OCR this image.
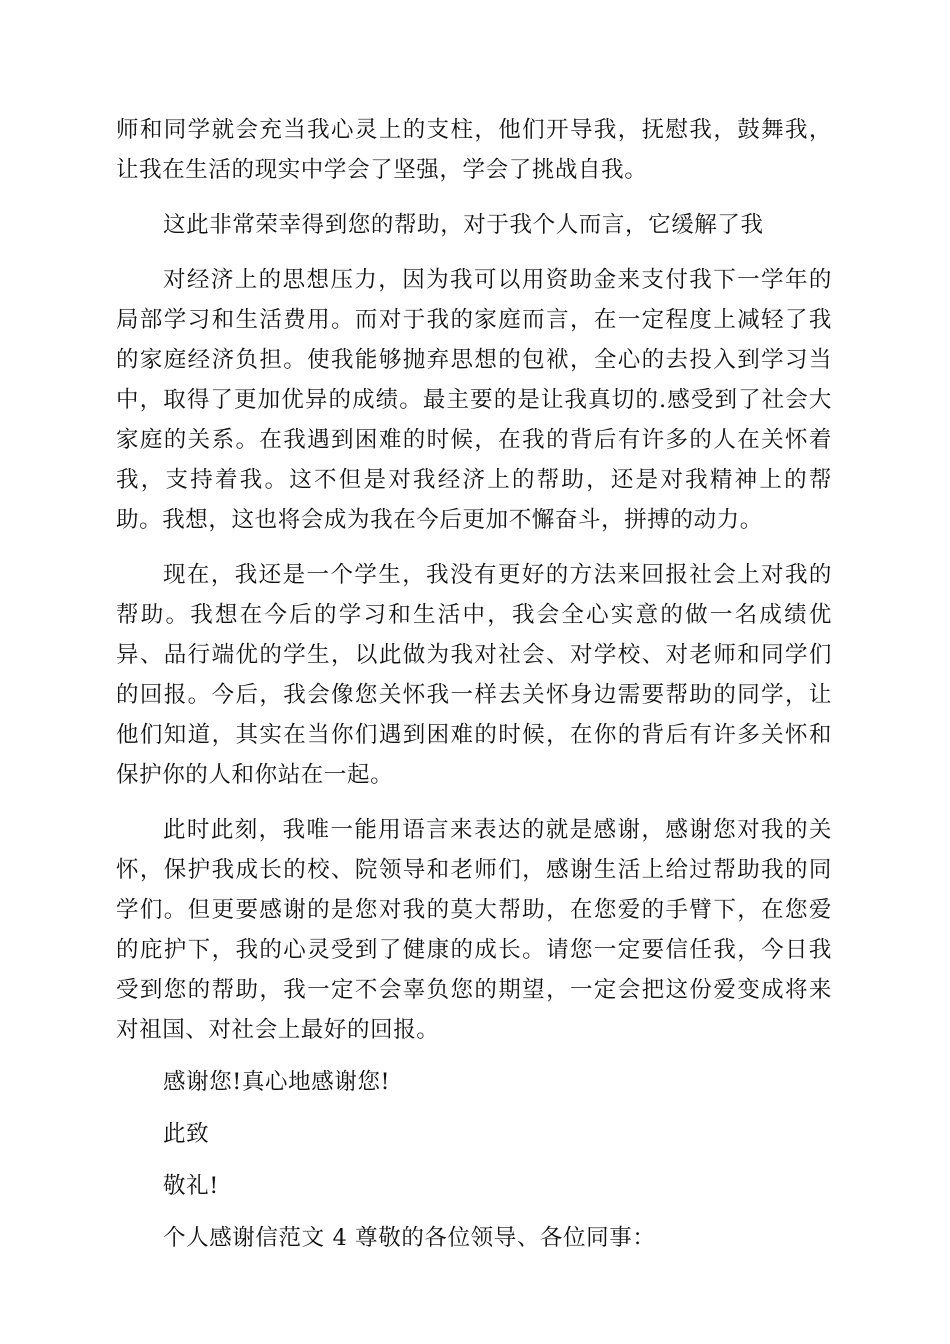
师和同学就会充当我心灵上的支柱，他们开导我，抚慰我，鼓舞我，让我在生活的现实中学会了坚强，学会了挑战自我。

这此非常荣幸得到您的帮助，对于我个人而言，它缓解了我

对经济上的思想压力，因为我可以用资助金来支付我下一学年的局部学习和生活费用。而对于我的家庭而言，在一定程度上减轻了我的家庭经济负担。使我能够抛弃思想的包袱，全心的去投入到学习当中，取得了更加优异的成绩。最主要的是让我真切的.感受到了社会大家庭的关系。在我遇到困难的时候，在我的背后有许多的人在关怀着我，支持着我。这不但是对我经济上的帮助，还是对我精神上的帮助。我想，这也将会成为我在今后更加不懈奋斗，拼搏的动力。

现在，我还是一个学生，我没有更好的方法来回报社会上对我的帮助。我想在今后的学习和生活中，我会全心实意的做一名成绩优异、品行端优的学生，以此做为我对社会、对学校、对老师和同学们的回报。今后，我会像您关怀我一样去关怀身边需要帮助的同学，让他们知道，其实在当你们遇到困难的时候，在你的背后有许多关怀和保护你的人和你站在一起。

此时此刻，我唯一能用语言来表达的就是感谢，感谢您对我的关怀，保护我成长的校、院领导和老师们，感谢生活上给过帮助我的同学们。但更要感谢的是您对我的莫大帮助，在您爱的手臂下，在您爱的庇护下，我的心灵受到了健康的成长。请您一定要信任我，今日我受到您的帮助，我一定不会辜负您的期望，一定会把这份爱变成将来对祖国、对社会上最好的回报。

感谢您!真心地感谢您!

此致

敬礼!

个人感谢信范文 4 尊敬的各位领导、各位同事：
